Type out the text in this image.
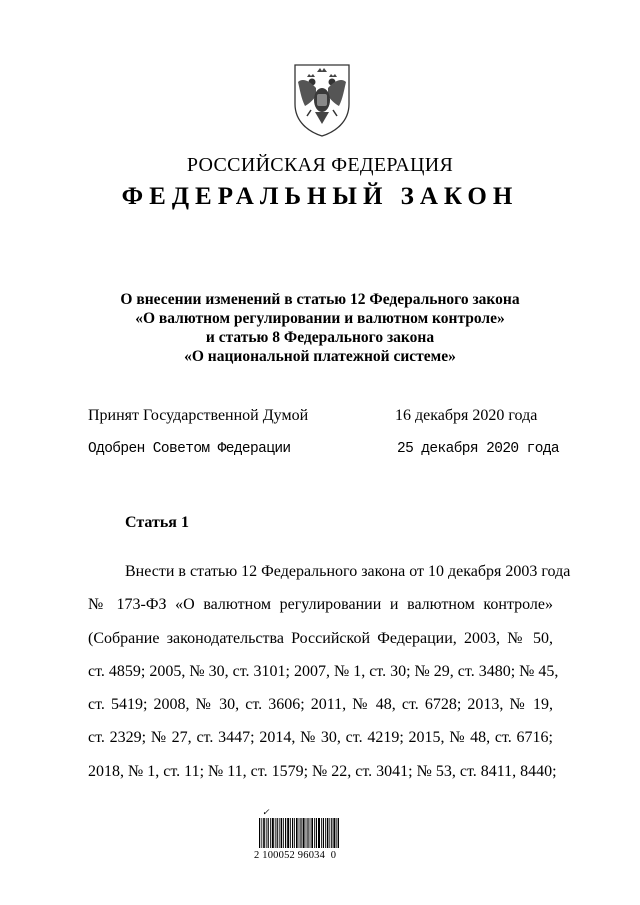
РОССИЙСКАЯ ФЕДЕРАЦИЯ
ФЕДЕРАЛЬНЫЙ ЗАКОН
О внесении изменений в статью 12 Федерального закона
«О валютном регулировании и валютном контроле»
и статью 8 Федерального закона
«О национальной платежной системе»
Принят Государственной Думой	16 декабря 2020 года
Одобрен Советом Федерации	25 декабря 2020 года
Статья 1
Внести в статью 12 Федерального закона от 10 декабря 2003 года
№ 173-ФЗ «О валютном регулировании и валютном контроле»
(Собрание законодательства Российской Федерации, 2003, № 50,
ст. 4859; 2005, № 30, ст. 3101; 2007, № 1, ст. 30; № 29, ст. 3480; № 45,
ст. 5419; 2008, № 30, ст. 3606; 2011, № 48, ст. 6728; 2013, № 19,
ст. 2329; № 27, ст. 3447; 2014, № 30, ст. 4219; 2015, № 48, ст. 6716;
2018, № 1, ст. 11; № 11, ст. 1579; № 22, ст. 3041; № 53, ст. 8411, 8440;
✓
2 100052 96034  0
